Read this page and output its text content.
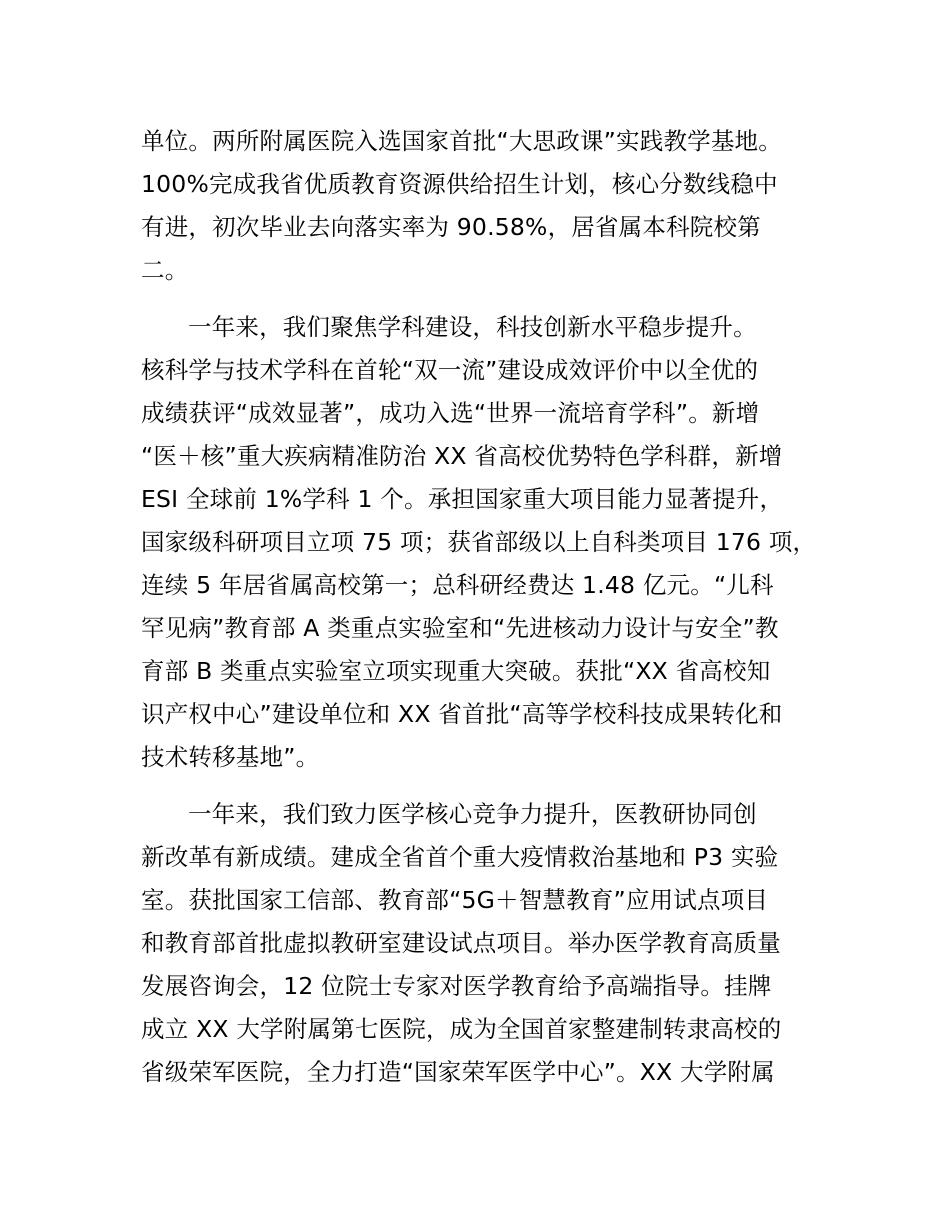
单位。两所附属医院入选国家首批“大思政课”实践教学基地。
100%完成我省优质教育资源供给招生计划，核心分数线稳中
有进，初次毕业去向落实率为 90.58%，居省属本科院校第
二。
一年来，我们聚焦学科建设，科技创新水平稳步提升。
核科学与技术学科在首轮“双一流”建设成效评价中以全优的
成绩获评“成效显著”，成功入选“世界一流培育学科”。新增
“医＋核”重大疾病精准防治 XX 省高校优势特色学科群，新增
ESI 全球前 1%学科 1 个。承担国家重大项目能力显著提升，
国家级科研项目立项 75 项；获省部级以上自科类项目 176 项，
连续 5 年居省属高校第一；总科研经费达 1.48 亿元。“儿科
罕见病”教育部 A 类重点实验室和“先进核动力设计与安全”教
育部 B 类重点实验室立项实现重大突破。获批“XX 省高校知
识产权中心”建设单位和 XX 省首批“高等学校科技成果转化和
技术转移基地”。
一年来，我们致力医学核心竞争力提升，医教研协同创
新改革有新成绩。建成全省首个重大疫情救治基地和 P3 实验
室。获批国家工信部、教育部“5G＋智慧教育”应用试点项目
和教育部首批虚拟教研室建设试点项目。举办医学教育高质量
发展咨询会，12 位院士专家对医学教育给予高端指导。挂牌
成立 XX 大学附属第七医院，成为全国首家整建制转隶高校的
省级荣军医院，全力打造“国家荣军医学中心”。XX 大学附属
